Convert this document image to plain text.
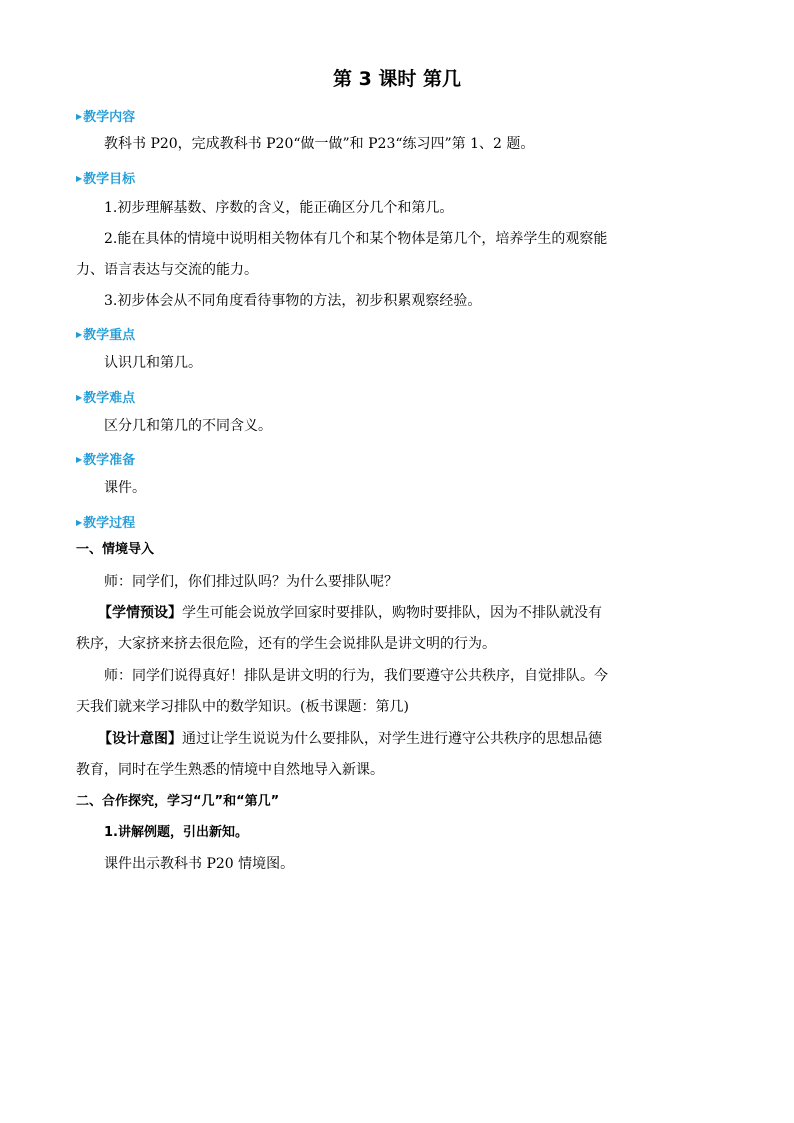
第 3 课时 第几
▶教学内容
教科书 P20，完成教科书 P20“做一做”和 P23“练习四”第 1、2 题。
▶教学目标
1.初步理解基数、序数的含义，能正确区分几个和第几。
2.能在具体的情境中说明相关物体有几个和某个物体是第几个，培养学生的观察能
力、语言表达与交流的能力。
3.初步体会从不同角度看待事物的方法，初步积累观察经验。
▶教学重点
认识几和第几。
▶教学难点
区分几和第几的不同含义。
▶教学准备
课件。
▶教学过程
一、情境导入
师：同学们，你们排过队吗？为什么要排队呢？
【学情预设】学生可能会说放学回家时要排队，购物时要排队，因为不排队就没有
秩序，大家挤来挤去很危险，还有的学生会说排队是讲文明的行为。
师：同学们说得真好！排队是讲文明的行为，我们要遵守公共秩序，自觉排队。今
天我们就来学习排队中的数学知识。(板书课题：第几)
【设计意图】通过让学生说说为什么要排队，对学生进行遵守公共秩序的思想品德
教育，同时在学生熟悉的情境中自然地导入新课。
二、合作探究，学习“几”和“第几”
1.讲解例题，引出新知。
课件出示教科书 P20 情境图。
